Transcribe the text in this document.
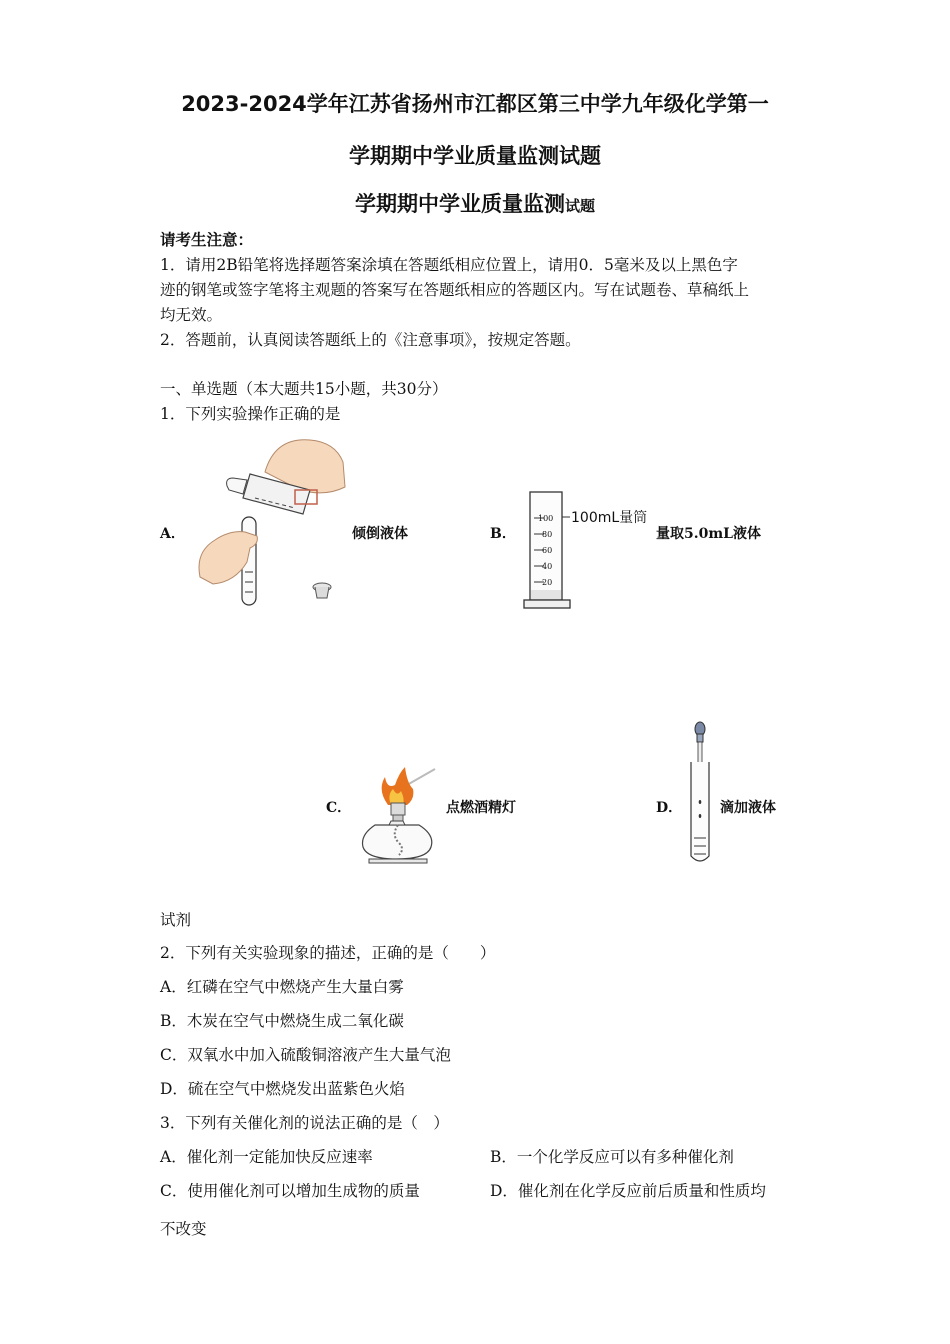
2023-2024学年江苏省扬州市江都区第三中学九年级化学第一
学期期中学业质量监测试题
学期期中学业质量监测试题
请考生注意：
1．请用2B铅笔将选择题答案涂填在答题纸相应位置上，请用0．5毫米及以上黑色字
迹的钢笔或签字笔将主观题的答案写在答题纸相应的答题区内。写在试题卷、草稿纸上
均无效。
2．答题前，认真阅读答题纸上的《注意事项》，按规定答题。
一、单选题（本大题共15小题，共30分）
1．下列实验操作正确的是
A．	倾倒液体	B．
100
80
60
40
20
100mL量筒
量取5.0mL液体
C．	点燃酒精灯	D．	滴加液体
试剂
2．下列有关实验现象的描述，正确的是（　　）
A．红磷在空气中燃烧产生大量白雾
B．木炭在空气中燃烧生成二氧化碳
C．双氧水中加入硫酸铜溶液产生大量气泡
D．硫在空气中燃烧发出蓝紫色火焰
3．下列有关催化剂的说法正确的是（　）
A．催化剂一定能加快反应速率	B．一个化学反应可以有多种催化剂
C．使用催化剂可以增加生成物的质量	D．催化剂在化学反应前后质量和性质均
不改变
